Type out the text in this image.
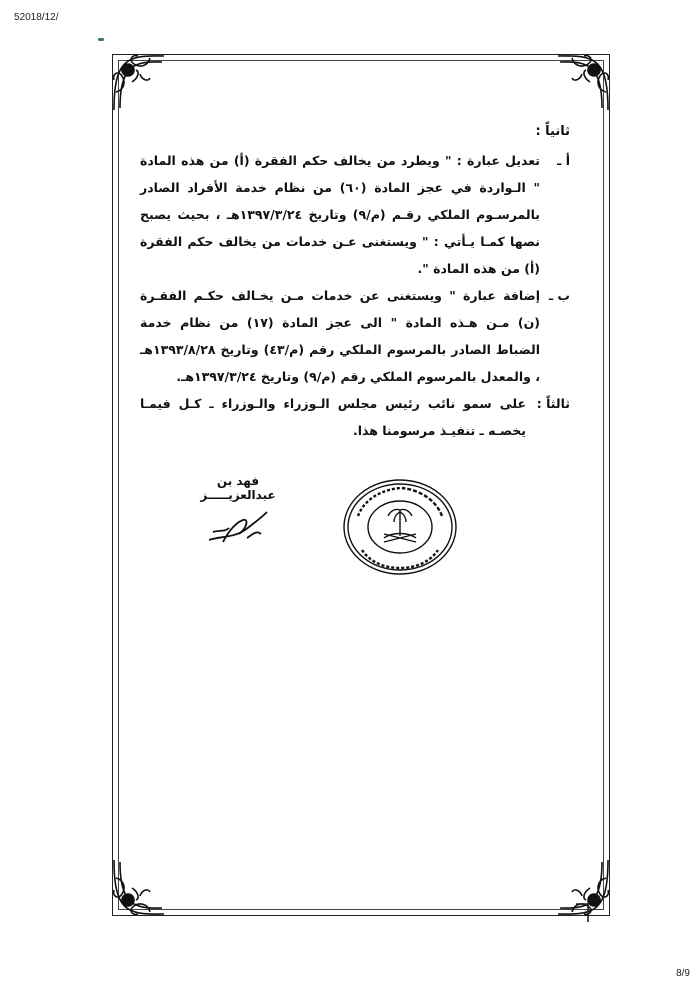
52018/12/
ثانياً :
أ ـ
تعديل عبارة : " ويطرد من يخالف حكم الفقرة (أ) من هذه المادة " الـواردة في عجز المادة (٦٠) من نظام خدمة الأفراد الصادر بالمرسـوم الملكي رقـم (م/٩) وتاريخ ١٣٩٧/٣/٢٤هـ ، بحيث يصبح نصها كمـا يـأتي : " ويستغنى عـن خدمات من يخالف حكم الفقرة (أ) من هذه المادة ".
ب ـ
إضافة عبارة " ويستغنى عن خدمات مـن يخـالف حكـم الفقـرة (ن) مـن هـذه المادة " الى عجز المادة (١٧) من نظام خدمة الضباط الصادر بالمرسوم الملكي رقم (م/٤٣) وتاريخ ١٣٩٣/٨/٢٨هـ ، والمعدل بالمرسوم الملكي رقم (م/٩) وتاريخ ١٣٩٧/٣/٢٤هـ.
ثالثاً :
على سمو نائب رئيس مجلس الـوزراء والـوزراء ـ كـل فيمـا يخصـه ـ تنفيـذ مرسومنا هذا.
فهد بن عبدالعزيـــــز
8/9
